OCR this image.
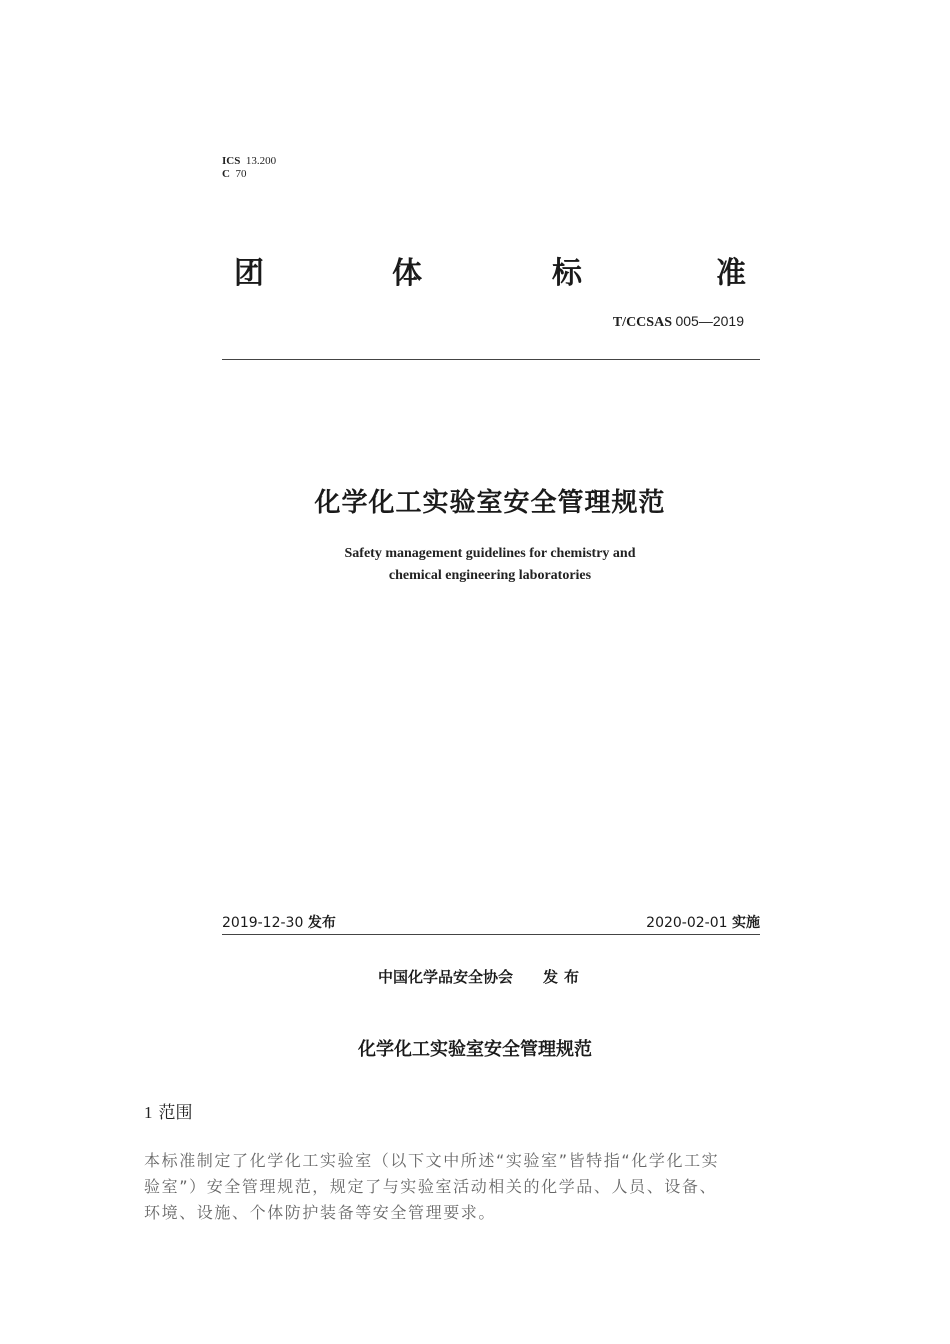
ICS 13.200
C 70
团	体	标	准
T/CCSAS 005—2019
化学化工实验室安全管理规范
Safety management guidelines for chemistry and
chemical engineering laboratories
2019-12-30 发布	2020-02-01 实施
中国化学品安全协会 发布
化学化工实验室安全管理规范
1 范围
本标准制定了化学化工实验室（以下文中所述“实验室”皆特指“化学化工实
验室”）安全管理规范，规定了与实验室活动相关的化学品、人员、设备、
环境、设施、个体防护装备等安全管理要求。
